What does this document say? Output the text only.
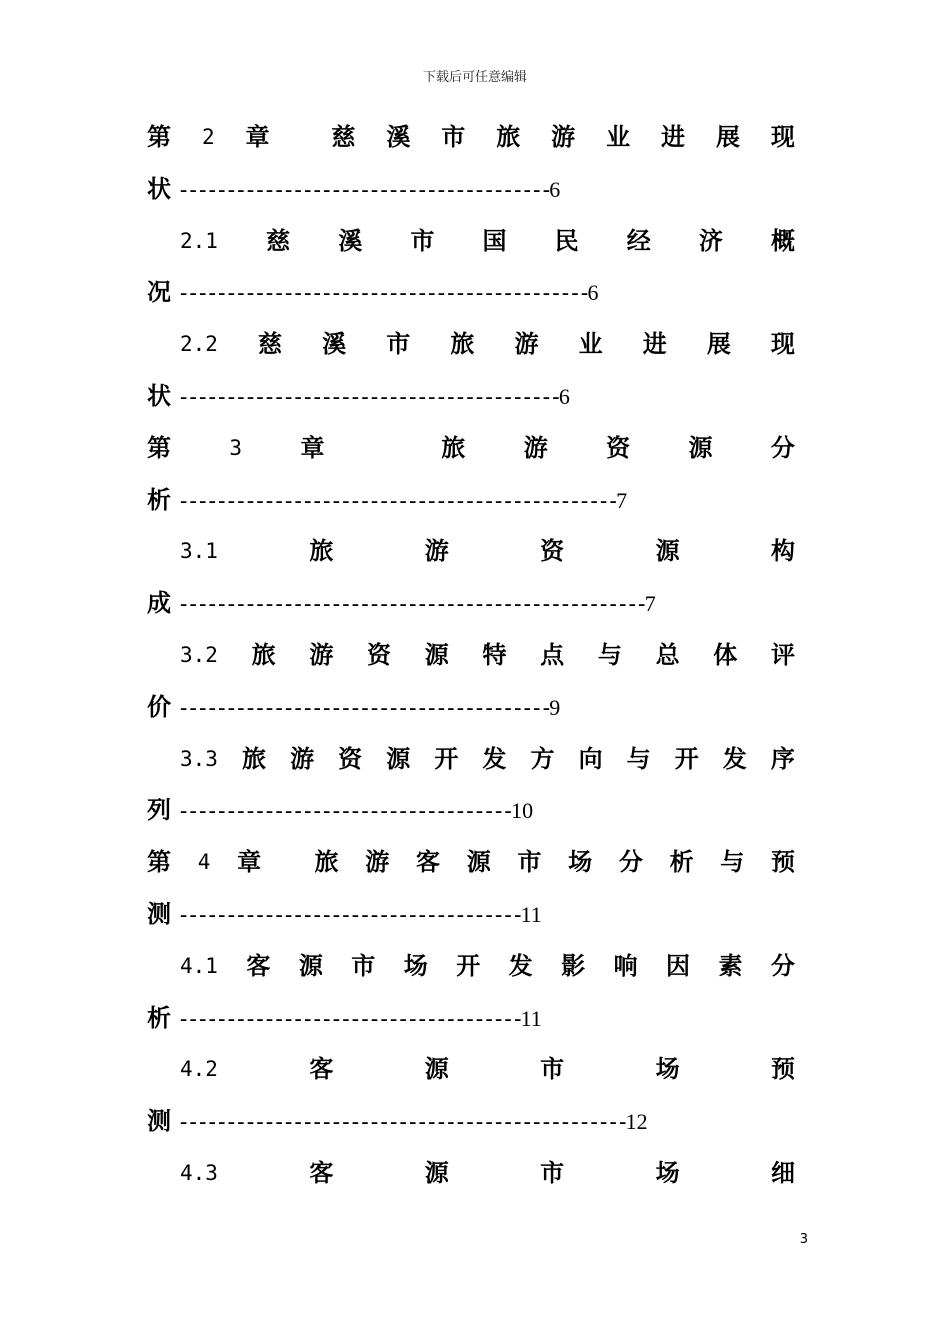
下载后可任意编辑
第 2 章	慈 溪 市 旅 游 业 进 展 现
状 ---------------------------------------6
2.1 慈 溪 市 国 民 经 济 概
况 -------------------------------------------6
2.2 慈 溪 市 旅 游 业 进 展 现
状 ----------------------------------------6
第	3 章	旅 游 资 源 分
析 ----------------------------------------------7
3.1	旅	游	资	源	构
成 -------------------------------------------------7
3.2 旅 游 资 源 特 点 与 总 体 评
价 ---------------------------------------9
3.3 旅 游 资 源 开 发 方 向 与 开 发 序
列 -----------------------------------10
第 4 章 旅 游 客 源 市 场 分 析 与 预
测 ------------------------------------11
4.1 客 源 市 场 开 发 影 响 因 素 分
析 ------------------------------------11
4.2	客	源	市	场	预
测 -----------------------------------------------12
4.3	客	源	市	场	细
3
